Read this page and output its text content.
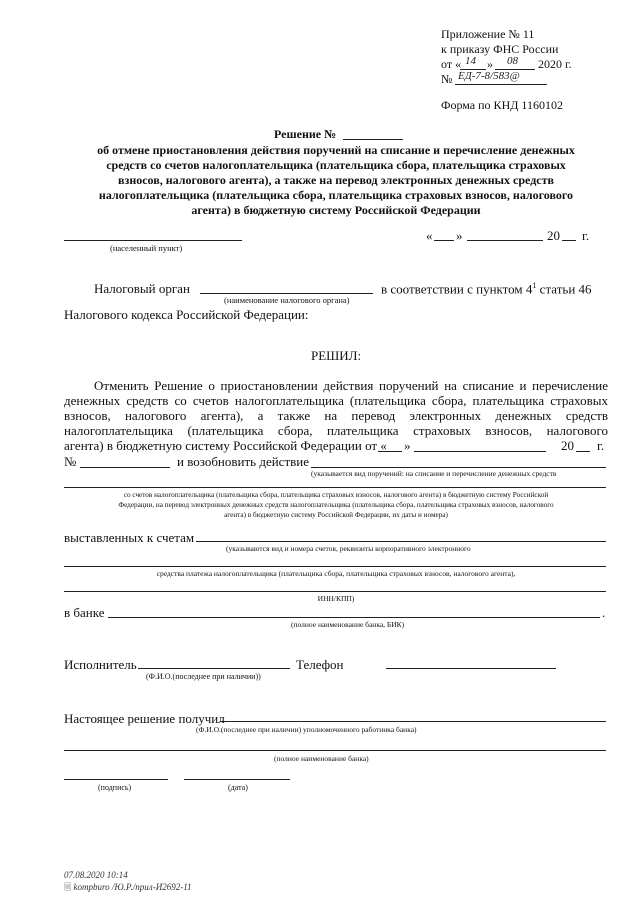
Приложение № 11
к приказу ФНС России
от « 14 » 08 2020 г.
№ ЕД-7-8/583@
Форма по КНД 1160102
Решение №
об отмене приостановления действия поручений на списание и перечисление денежных
средств со счетов налогоплательщика (плательщика сбора, плательщика страховых
взносов, налогового агента), а также на перевод электронных денежных средств
налогоплательщика (плательщика сбора, плательщика страховых взносов, налогового
агента) в бюджетную систему Российской Федерации
(населенный пункт)
« »	20 г.
Налоговый орган
(наименование налогового органа)
в соответствии с пунктом $4^1$ статьи 46
Налогового кодекса Российской Федерации:
РЕШИЛ:
Отменить Решение о приостановлении действия поручений на списание и перечисление
денежных средств со счетов налогоплательщика (плательщика сбора, плательщика страховых
взносов, налогового агента), а также на перевод электронных денежных средств
налогоплательщика (плательщика сбора, плательщика страховых взносов, налогового
агента) в бюджетную систему Российской Федерации от « »	20 г.
№	и возобновить действие
(указывается вид поручений: на списание и перечисление денежных средств
со счетов налогоплательщика (плательщика сбора, плательщика страховых взносов, налогового агента) в бюджетную систему Российской
Федерации, на перевод электронных денежных средств налогоплательщика (плательщика сбора, плательщика страховых взносов, налогового
агента) в бюджетную систему Российской Федерации, их даты и номера)
выставленных к счетам
(указываются вид и номера счетов, реквизиты корпоративного электронного
средства платежа налогоплательщика (плательщика сбора, плательщика страховых взносов, налогового агента),
ИНН/КПП)
в банке	.
(полное наименование банка, БИК)
Исполнитель
(Ф.И.О.(последнее при наличии))
Телефон
Настоящее решение получил
(Ф.И.О.(последнее при наличии) уполномоченного работника банка)
(полное наименование банка)
(подпись)	(дата)
07.08.2020 10:14
🗏 kompburo /Ю.Р./прил-И2692-11
